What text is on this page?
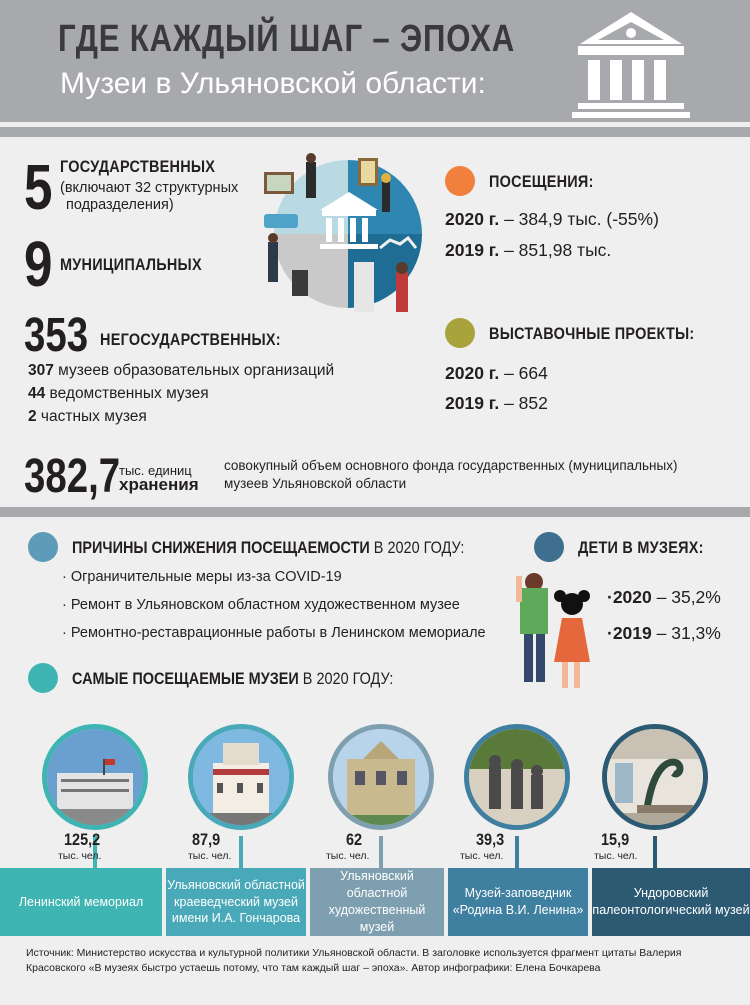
ГДЕ КАЖДЫЙ ШАГ – ЭПОХА
Музеи в Ульяновской области:
5 ГОСУДАРСТВЕННЫХ
(включают 32 структурных
подразделения)
9 МУНИЦИПАЛЬНЫХ
353 НЕГОСУДАРСТВЕННЫХ:
307 музеев образовательных организаций
44 ведомственных музея
2 частных музея
382,7
тыс. единиц
хранения
совокупный объем основного фонда государственных (муниципальных)
музеев Ульяновской области
ПОСЕЩЕНИЯ:
2020 г. – 384,9 тыс. (-55%)
2019 г. – 851,98 тыс.
ВЫСТАВОЧНЫЕ ПРОЕКТЫ:
2020 г. – 664
2019 г. – 852
ПРИЧИНЫ СНИЖЕНИЯ ПОСЕЩАЕМОСТИ В 2020 ГОДУ:
· Ограничительные меры из-за COVID-19
· Ремонт в Ульяновском областном художественном музее
· Ремонтно-реставрационные работы в Ленинском мемориале
ДЕТИ В МУЗЕЯХ:
·2020 – 35,2%
·2019 – 31,3%
САМЫЕ ПОСЕЩАЕМЫЕ МУЗЕИ В 2020 ГОДУ:
125,2
тыс. чел.
Ленинский мемориал
87,9
тыс. чел.
Ульяновский областной краеведческий музей имени И.А. Гончарова
62
тыс. чел.
Ульяновский областной художественный музей
39,3
тыс. чел.
Музей-заповедник «Родина В.И. Ленина»
15,9
тыс. чел.
Ундоровский палеонтологический музей
Источник: Министерство искусства и культурной политики Ульяновской области. В заголовке используется фрагмент цитаты Валерия Красовского «В музеях быстро устаешь потому, что там каждый шаг – эпоха». Автор инфографики: Елена Бочкарева
